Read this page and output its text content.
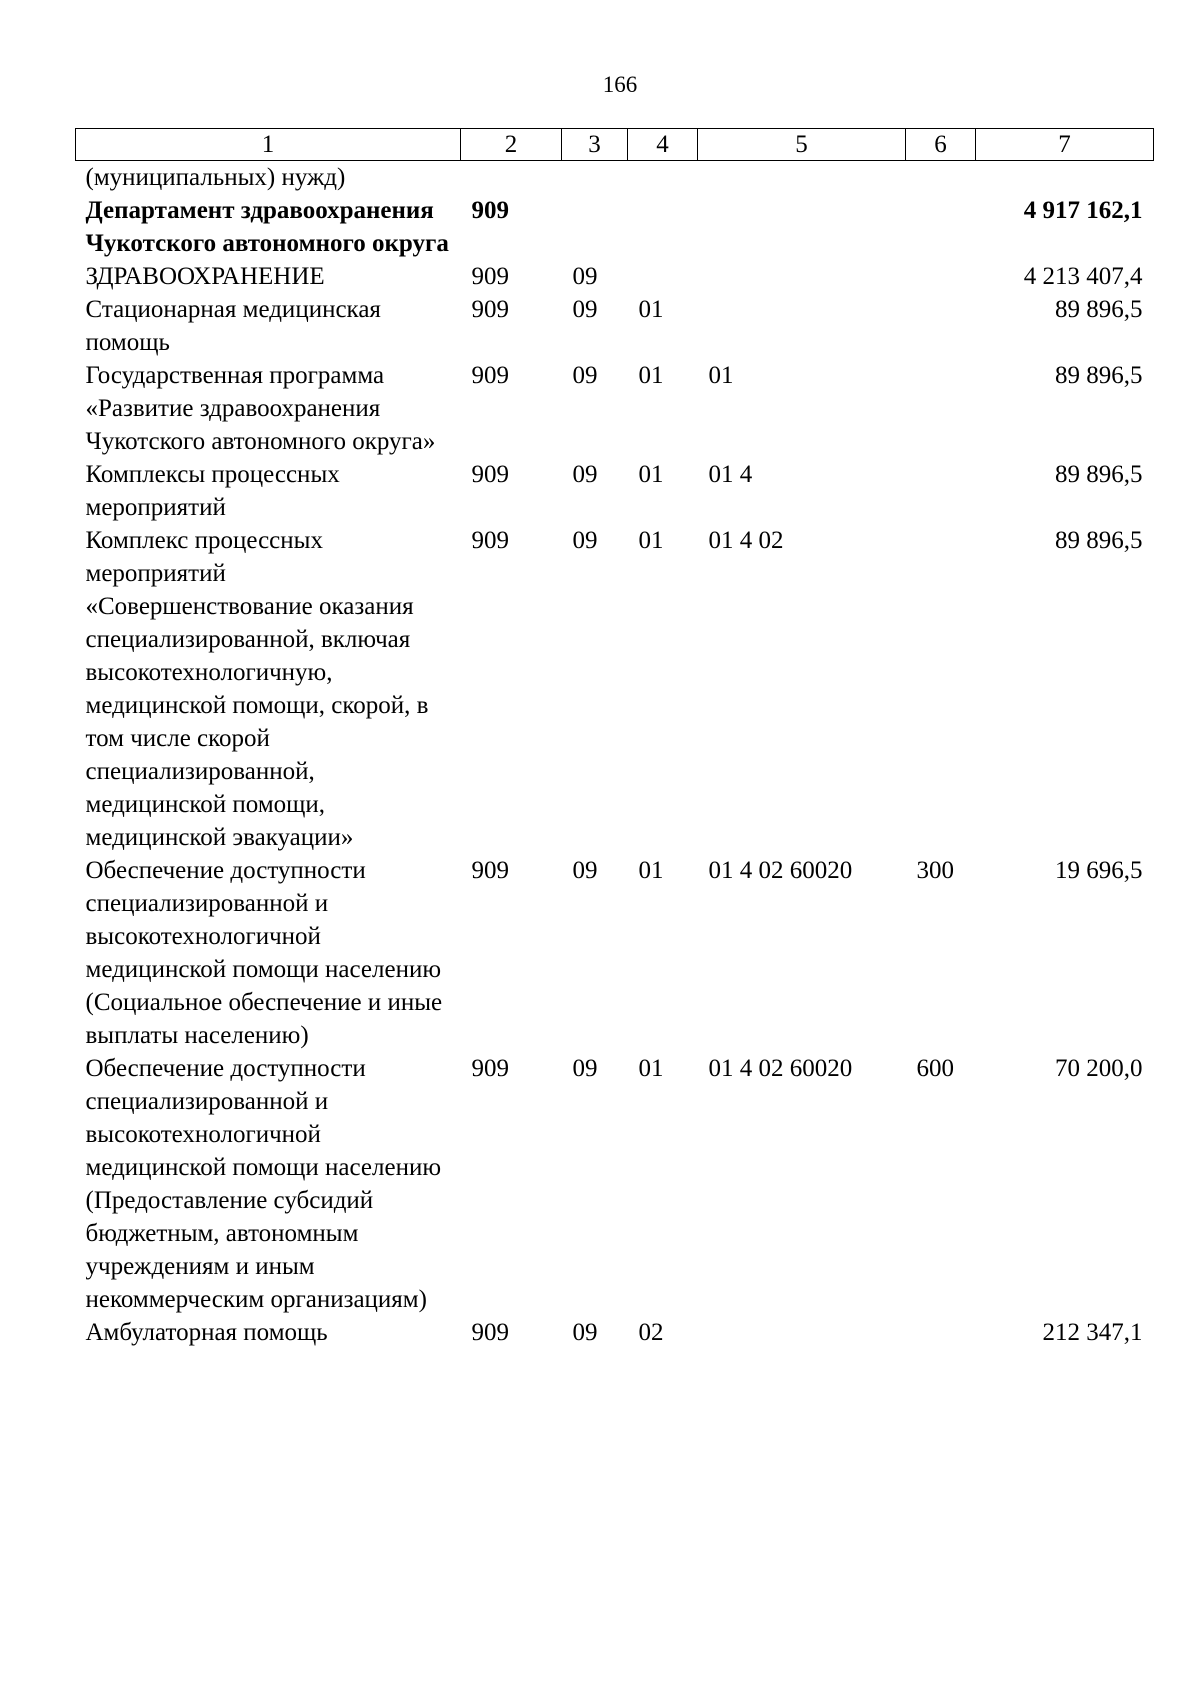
166
1	2	3	4	5	6	7
(муниципальных) нужд)						
Департамент здравоохранения Чукотского автономного округа	909					4 917 162,1
ЗДРАВООХРАНЕНИЕ	909	09				4 213 407,4
Стационарная медицинская помощь	909	09	01			89 896,5
Государственная программа «Развитие здравоохранения Чукотского автономного округа»	909	09	01	01		89 896,5
Комплексы процессных мероприятий	909	09	01	01 4		89 896,5
Комплекс процессных мероприятий «Совершенствование оказания специализированной, включая высокотехнологичную, медицинской помощи, скорой, в том числе скорой специализированной, медицинской помощи, медицинской эвакуации»	909	09	01	01 4 02		89 896,5
Обеспечение доступности специализированной и высокотехнологичной медицинской помощи населению (Социальное обеспечение и иные выплаты населению)	909	09	01	01 4 02 60020	300	19 696,5
Обеспечение доступности специализированной и высокотехнологичной медицинской помощи населению (Предоставление субсидий бюджетным, автономным учреждениям и иным некоммерческим организациям)	909	09	01	01 4 02 60020	600	70 200,0
Амбулаторная помощь	909	09	02			212 347,1
